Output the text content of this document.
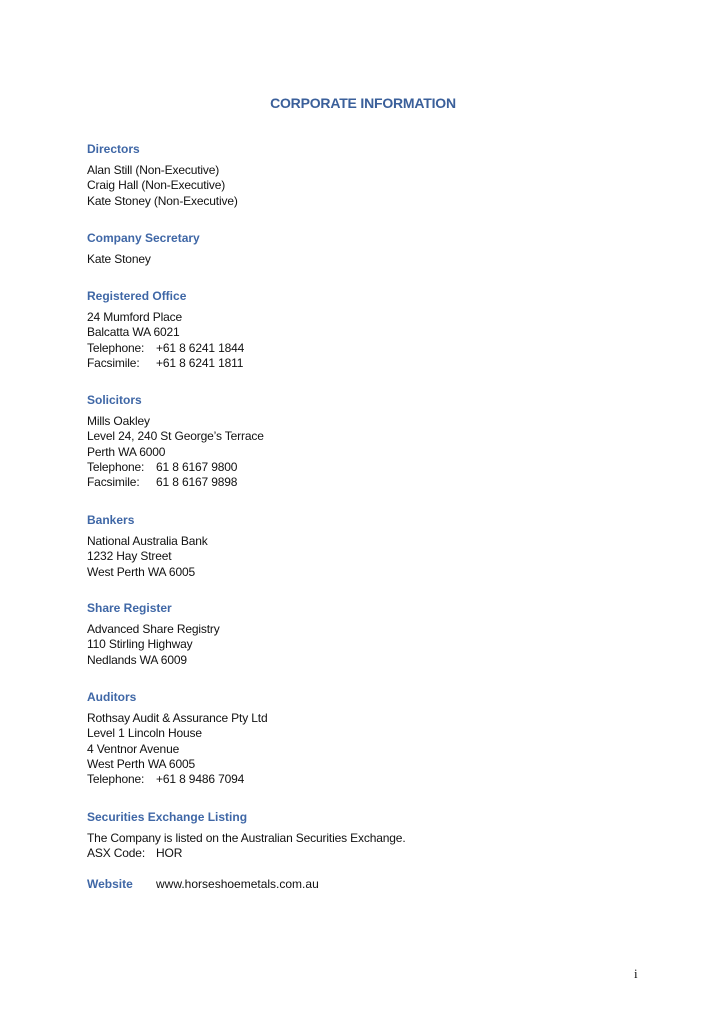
CORPORATE INFORMATION
Directors
Alan Still (Non-Executive)
Craig Hall (Non-Executive)
Kate Stoney (Non-Executive)
Company Secretary
Kate Stoney
Registered Office
24 Mumford Place
Balcatta WA 6021
Telephone: +61 8 6241 1844
Facsimile: +61 8 6241 1811
Solicitors
Mills Oakley
Level 24, 240 St George’s Terrace
Perth WA 6000
Telephone: 61 8 6167 9800
Facsimile: 61 8 6167 9898
Bankers
National Australia Bank
1232 Hay Street
West Perth WA 6005
Share Register
Advanced Share Registry
110 Stirling Highway
Nedlands WA 6009
Auditors
Rothsay Audit & Assurance Pty Ltd
Level 1 Lincoln House
4 Ventnor Avenue
West Perth WA 6005
Telephone: +61 8 9486 7094
Securities Exchange Listing
The Company is listed on the Australian Securities Exchange.
ASX Code: HOR
Website www.horseshoemetals.com.au
i
